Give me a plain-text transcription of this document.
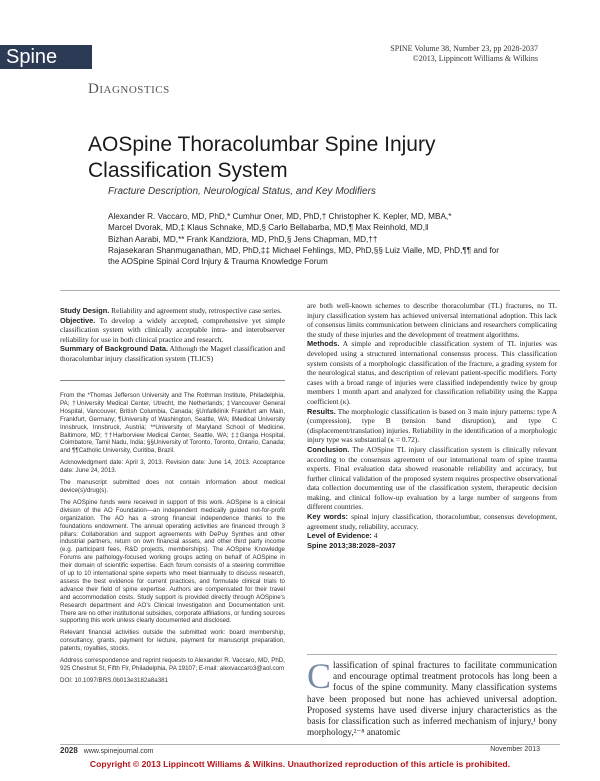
Spine	SPINE Volume 38, Number 23, pp 2028-2037
©2013, Lippincott Williams & Wilkins
Diagnostics
AOSpine Thoracolumbar Spine Injury Classification System
Fracture Description, Neurological Status, and Key Modifiers
Alexander R. Vaccaro, MD, PhD,* Cumhur Oner, MD, PhD,† Christopher K. Kepler, MD, MBA,*
Marcel Dvorak, MD,‡ Klaus Schnake, MD,§ Carlo Bellabarba, MD,¶ Max Reinhold, MD,‖
Bizhan Aarabi, MD,** Frank Kandziora, MD, PhD,§ Jens Chapman, MD,††
Rajasekaran Shanmuganathan, MD, PhD,‡‡ Michael Fehlings, MD, PhD,§§ Luiz Vialle, MD, PhD,¶¶ and for
the AOSpine Spinal Cord Injury & Trauma Knowledge Forum

Study Design. Reliability and agreement study, retrospective case series.

Objective. To develop a widely accepted, comprehensive yet simple classification system with clinically acceptable intra- and interobserver reliability for use in both clinical practice and research.

Summary of Background Data. Although the Magerl classification and thoracolumbar injury classification system (TLICS)

From the *Thomas Jefferson University and The Rothman Institute, Philadelphia, PA; †University Medical Center, Utrecht, the Netherlands; ‡Vancouver General Hospital, Vancouver, British Columbia, Canada; §Unfallklinik Frankfurt am Main, Frankfurt, Germany; ¶University of Washington, Seattle, WA; ‖Medical University Innsbruck, Innsbruck, Austria; **University of Maryland School of Medicine, Baltimore, MD; ††Harborview Medical Center, Seattle, WA; ‡‡Ganga Hospital, Coimbatore, Tamil Nadu, India; §§University of Toronto, Toronto, Ontario, Canada; and ¶¶Catholic University, Curitiba, Brazil.

Acknowledgment date: April 3, 2013. Revision date: June 14, 2013. Acceptance date: June 24, 2013.

The manuscript submitted does not contain information about medical device(s)/drug(s).

The AOSpine funds were received in support of this work. AOSpine is a clinical division of the AO Foundation—an independent medically guided not-for-profit organization. The AO has a strong financial independence thanks to the foundations endowment. The annual operating activities are financed through 3 pillars: Collaboration and support agreements with DePuy Synthes and other industrial partners, return on own financial assets, and other third party income (e.g. participant fees, R&D projects, memberships). The AOSpine Knowledge Forums are pathology-focused working groups acting on behalf of AOSpine in their domain of scientific expertise. Each forum consists of a steering committee of up to 10 international spine experts who meet biannually to discuss research, assess the best evidence for current practices, and formulate clinical trials to advance their field of spine expertise. Authors are compensated for their travel and accommodation costs. Study support is provided directly through AOSpine's Research department and AO's Clinical Investigation and Documentation unit. There are no other institutional subsidies, corporate affiliations, or funding sources supporting this work unless clearly documented and disclosed.

Relevant financial activities outside the submitted work: board membership, consultancy, grants, payment for lecture, payment for manuscript preparation, patents, royalties, stocks.

Address correspondence and reprint requests to Alexander R. Vaccaro, MD, PhD, 925 Chestnut St, Fifth Flr, Philadelphia, PA 19107; E-mail: alexvaccaro3@aol.com

DOI: 10.1097/BRS.0b013e3182a8a381

are both well-known schemes to describe thoracolumbar (TL) fractures, no TL injury classification system has achieved universal international adoption. This lack of consensus limits communication between clinicians and researchers complicating the study of these injuries and the development of treatment algorithms.

Methods. A simple and reproducible classification system of TL injuries was developed using a structured international consensus process. This classification system consists of a morphologic classification of the fracture, a grading system for the neurological status, and description of relevant patient-specific modifiers. Forty cases with a broad range of injuries were classified independently twice by group members 1 month apart and analyzed for classification reliability using the Kappa coefficient (κ).

Results. The morphologic classification is based on 3 main injury patterns: type A (compression), type B (tension band disruption), and type C (displacement/translation) injuries. Reliability in the identification of a morphologic injury type was substantial (κ = 0.72).

Conclusion. The AOSpine TL injury classification system is clinically relevant according to the consensus agreement of our international team of spine trauma experts. Final evaluation data showed reasonable reliability and accuracy, but further clinical validation of the proposed system requires prospective observational data collection documenting use of the classification system, therapeutic decision making, and clinical follow-up evaluation by a large number of surgeons from different countries.

Key words: spinal injury classification, thoracolumbar, consensus development, agreement study, reliability, accuracy.

Level of Evidence: 4

Spine 2013;38:2028–2037

Classification of spinal fractures to facilitate communication and encourage optimal treatment protocols has long been a focus of the spine community. Many classification systems have been proposed but none has achieved universal adoption. Proposed systems have used diverse injury characteristics as the basis for classification such as inferred mechanism of injury,¹ bony morphology,²⁻⁸ anatomic
2028 www.spinejournal.com	November 2013
Copyright © 2013 Lippincott Williams & Wilkins. Unauthorized reproduction of this article is prohibited.
